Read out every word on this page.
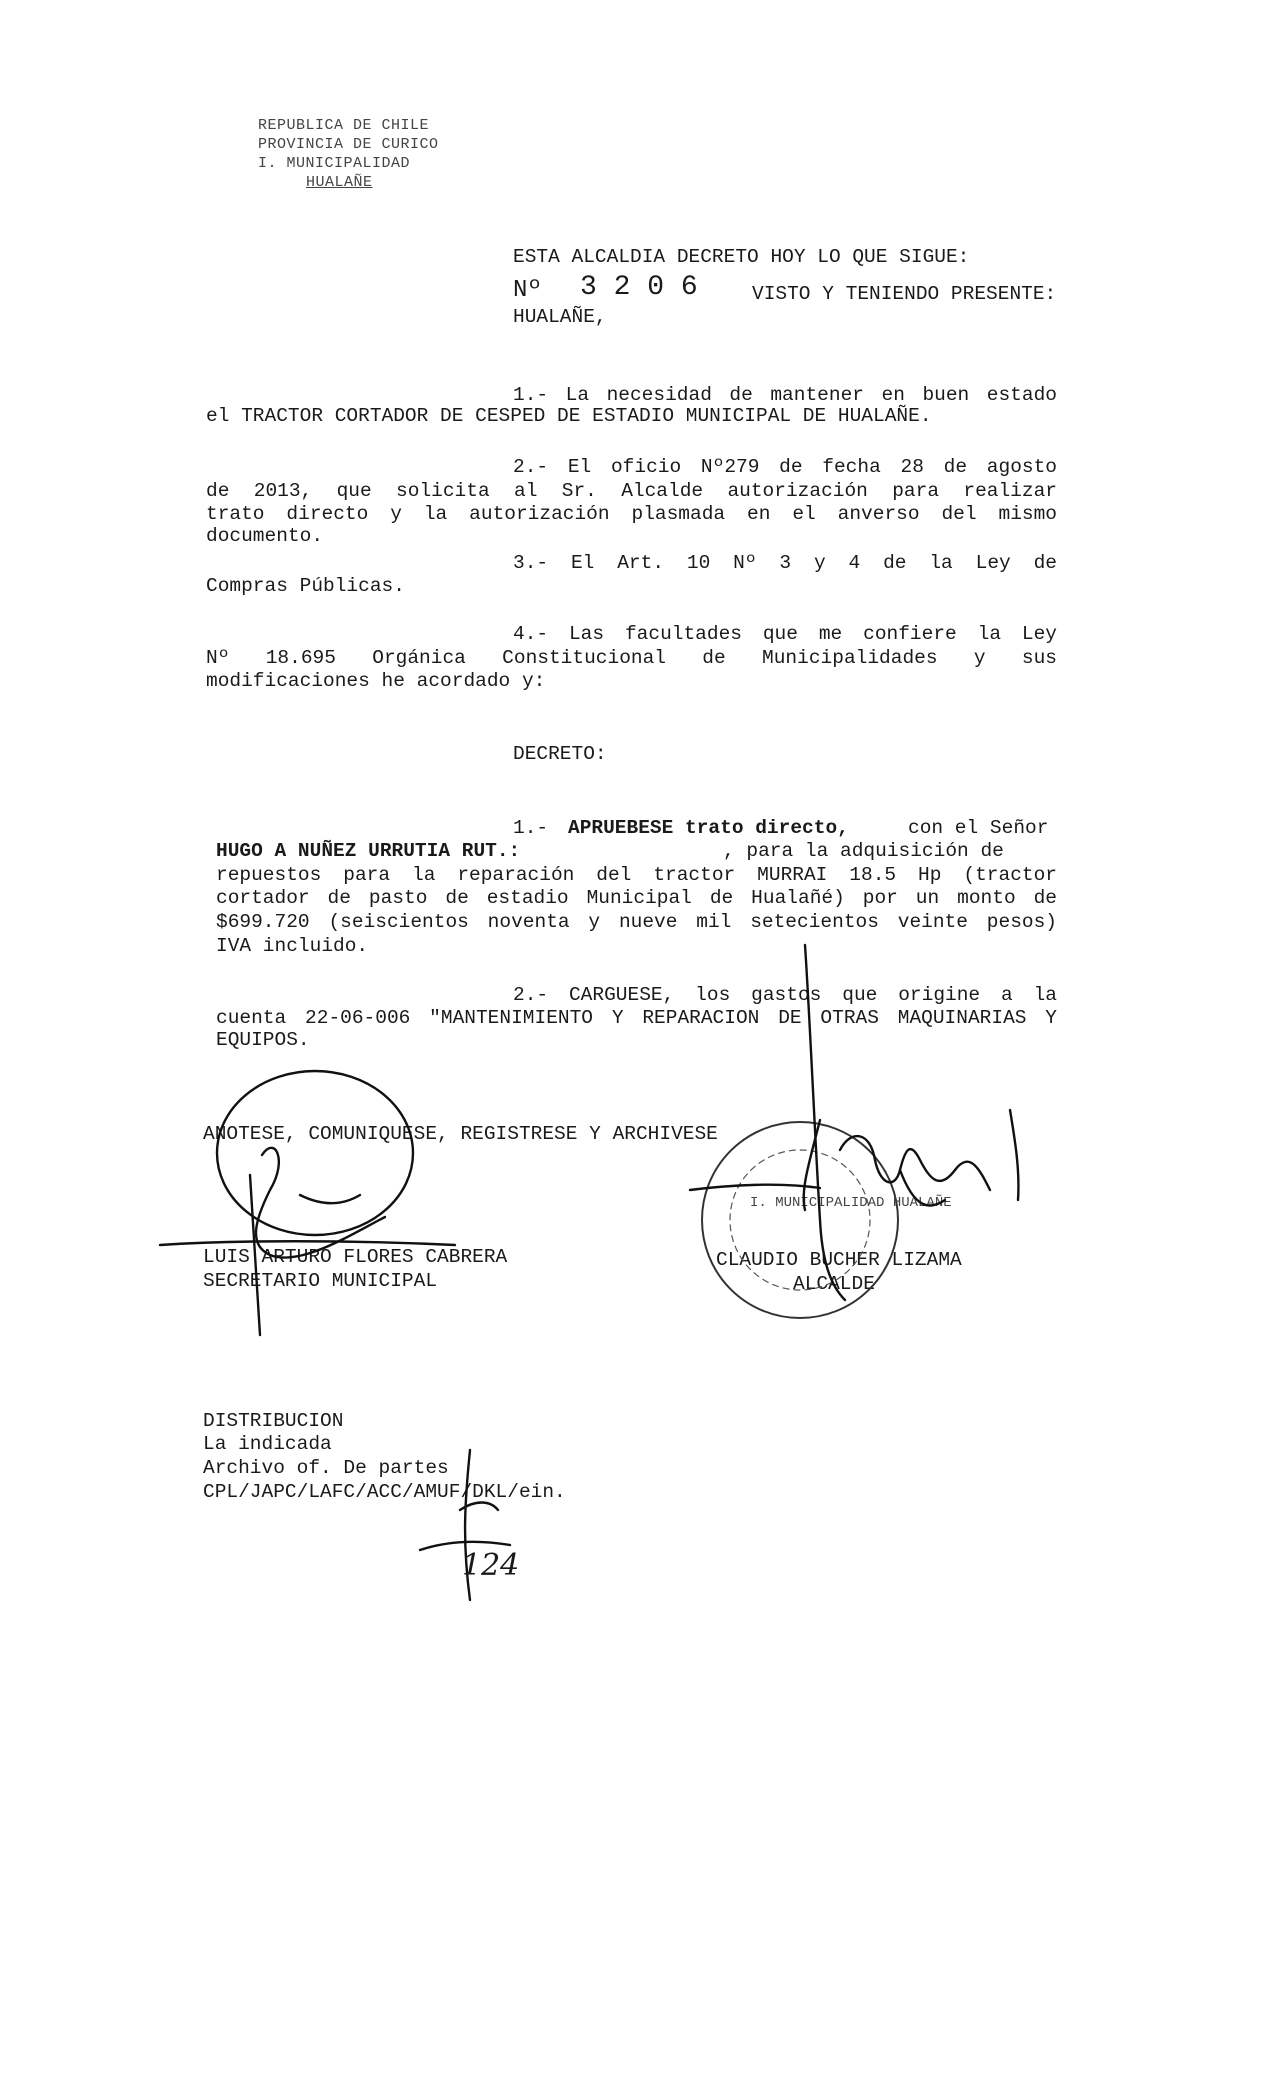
REPUBLICA DE CHILE
PROVINCIA DE CURICO
I. MUNICIPALIDAD
HUALAÑE
ESTA ALCALDIA DECRETO HOY LO QUE SIGUE:
Nº 3 2 0 6	VISTO Y TENIENDO PRESENTE:
HUALAÑE,
1.- La necesidad de mantener en buen estado
el TRACTOR CORTADOR DE CESPED DE ESTADIO MUNICIPAL DE HUALAÑE.
2.- El oficio Nº279 de fecha 28 de agosto
de 2013, que solicita al Sr. Alcalde autorización para realizar
trato directo y la autorización plasmada en el anverso del mismo
documento.
3.- El Art. 10 Nº 3 y 4 de la Ley de
Compras Públicas.
4.- Las facultades que me confiere la Ley
Nº 18.695 Orgánica Constitucional de Municipalidades y sus
modificaciones he acordado y:
DECRETO:
1.- APRUEBESE trato directo,	con el Señor
HUGO A NUÑEZ URRUTIA RUT.:	, para la adquisición de
repuestos para la reparación del tractor MURRAI 18.5 Hp (tractor
cortador de pasto de estadio Municipal de Hualañé) por un monto de
$699.720 (seiscientos noventa y nueve mil setecientos veinte pesos)
IVA incluido.
2.- CARGUESE, los gastos que origine a la
cuenta 22-06-006 "MANTENIMIENTO Y REPARACION DE OTRAS MAQUINARIAS Y
EQUIPOS.
ANOTESE, COMUNIQUESE, REGISTRESE Y ARCHIVESE
LUIS ARTURO FLORES CABRERA
SECRETARIO MUNICIPAL
CLAUDIO BUCHER LIZAMA
ALCALDE
DISTRIBUCION
La indicada
Archivo of. De partes
CPL/JAPC/LAFC/ACC/AMUF/DKL/ein.
I. MUNICIPALIDAD HUALAÑE
124
